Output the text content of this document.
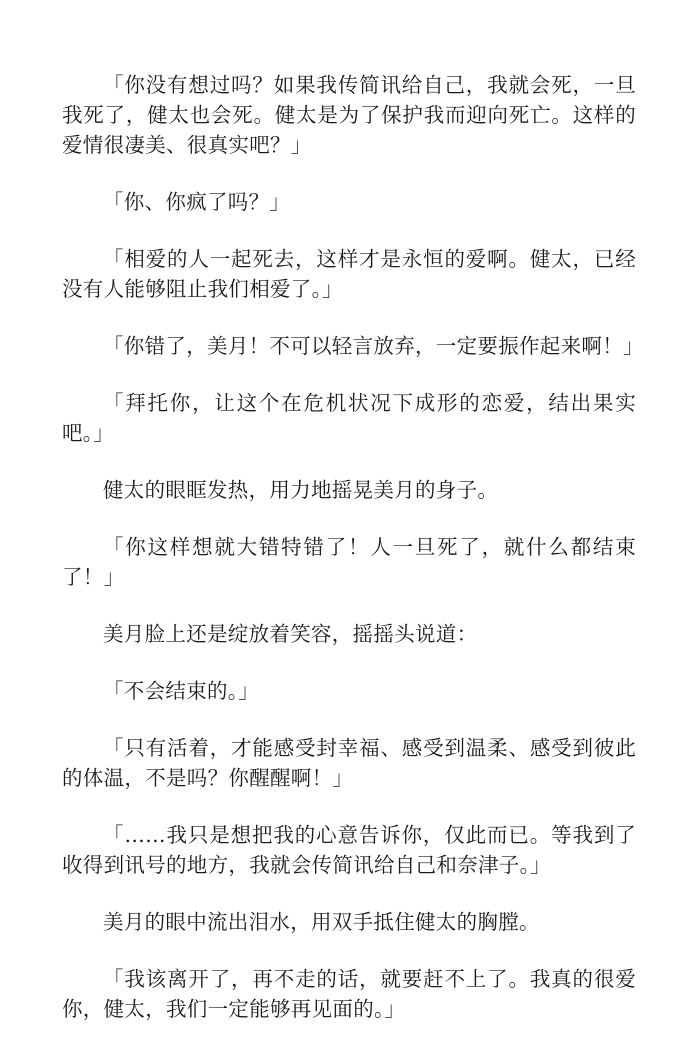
「你没有想过吗？如果我传简讯给自己，我就会死，一旦我死了，健太也会死。健太是为了保护我而迎向死亡。这样的爱情很凄美、很真实吧？」

「你、你疯了吗？」

「相爱的人一起死去，这样才是永恒的爱啊。健太，已经没有人能够阻止我们相爱了。」

「你错了，美月！不可以轻言放弃，一定要振作起来啊！」

「拜托你，让这个在危机状况下成形的恋爱，结出果实吧。」

健太的眼眶发热，用力地摇晃美月的身子。

「你这样想就大错特错了！人一旦死了，就什么都结束了！」

美月脸上还是绽放着笑容，摇摇头说道：

「不会结束的。」

「只有活着，才能感受封幸福、感受到温柔、感受到彼此的体温，不是吗？你醒醒啊！」

「……我只是想把我的心意告诉你，仅此而已。等我到了收得到讯号的地方，我就会传简讯给自己和奈津子。」

美月的眼中流出泪水，用双手抵住健太的胸膛。

「我该离开了，再不走的话，就要赶不上了。我真的很爱你，健太，我们一定能够再见面的。」
